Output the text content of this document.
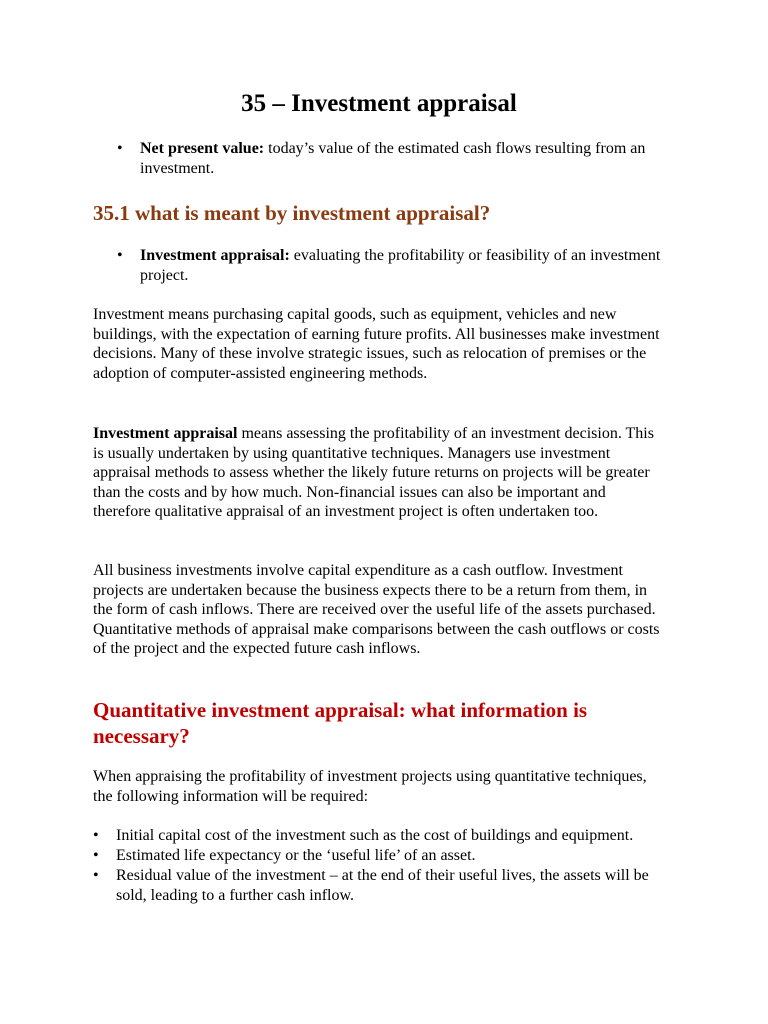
35 – Investment appraisal
•	Net present value: today’s value of the estimated cash flows resulting from an investment.
35.1 what is meant by investment appraisal?
•	Investment appraisal: evaluating the profitability or feasibility of an investment project.

Investment means purchasing capital goods, such as equipment, vehicles and new buildings, with the expectation of earning future profits. All businesses make investment decisions. Many of these involve strategic issues, such as relocation of premises or the adoption of computer-assisted engineering methods.

Investment appraisal means assessing the profitability of an investment decision. This is usually undertaken by using quantitative techniques. Managers use investment appraisal methods to assess whether the likely future returns on projects will be greater than the costs and by how much. Non-financial issues can also be important and therefore qualitative appraisal of an investment project is often undertaken too.

All business investments involve capital expenditure as a cash outflow. Investment projects are undertaken because the business expects there to be a return from them, in the form of cash inflows. There are received over the useful life of the assets purchased. Quantitative methods of appraisal make comparisons between the cash outflows or costs of the project and the expected future cash inflows.

Quantitative investment appraisal: what information is necessary?

When appraising the profitability of investment projects using quantitative techniques, the following information will be required:

•	Initial capital cost of the investment such as the cost of buildings and equipment.
•	Estimated life expectancy or the ‘useful life’ of an asset.
•	Residual value of the investment – at the end of their useful lives, the assets will be sold, leading to a further cash inflow.
